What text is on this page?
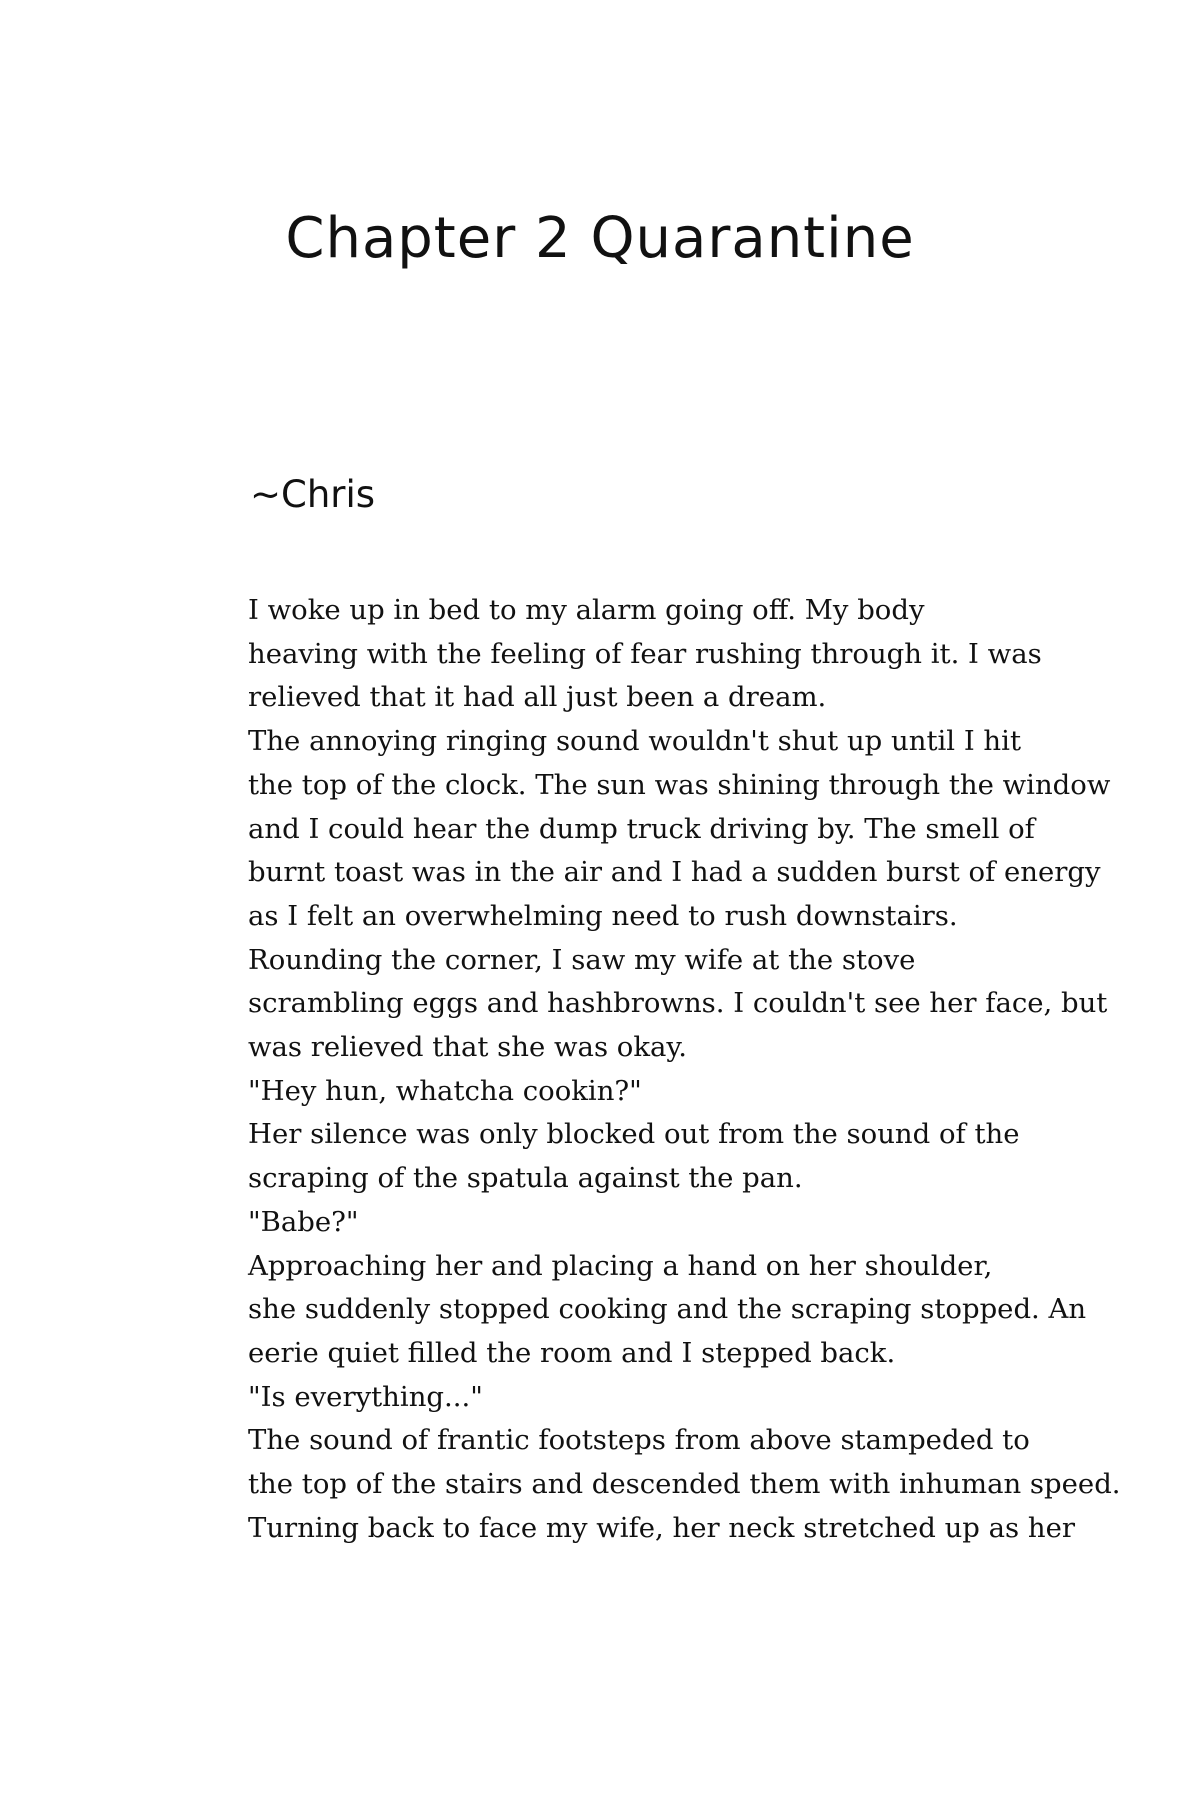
Chapter 2 Quarantine

~Chris

I woke up in bed to my alarm going off. My body
heaving with the feeling of fear rushing through it. I was
relieved that it had all just been a dream.

The annoying ringing sound wouldn't shut up until I hit
the top of the clock. The sun was shining through the window
and I could hear the dump truck driving by. The smell of
burnt toast was in the air and I had a sudden burst of energy
as I felt an overwhelming need to rush downstairs.

Rounding the corner, I saw my wife at the stove
scrambling eggs and hashbrowns. I couldn't see her face, but
was relieved that she was okay.

"Hey hun, whatcha cookin?"

Her silence was only blocked out from the sound of the
scraping of the spatula against the pan.

"Babe?"

Approaching her and placing a hand on her shoulder,
she suddenly stopped cooking and the scraping stopped. An
eerie quiet filled the room and I stepped back.

"Is everything..."

The sound of frantic footsteps from above stampeded to
the top of the stairs and descended them with inhuman speed.
Turning back to face my wife, her neck stretched up as her
